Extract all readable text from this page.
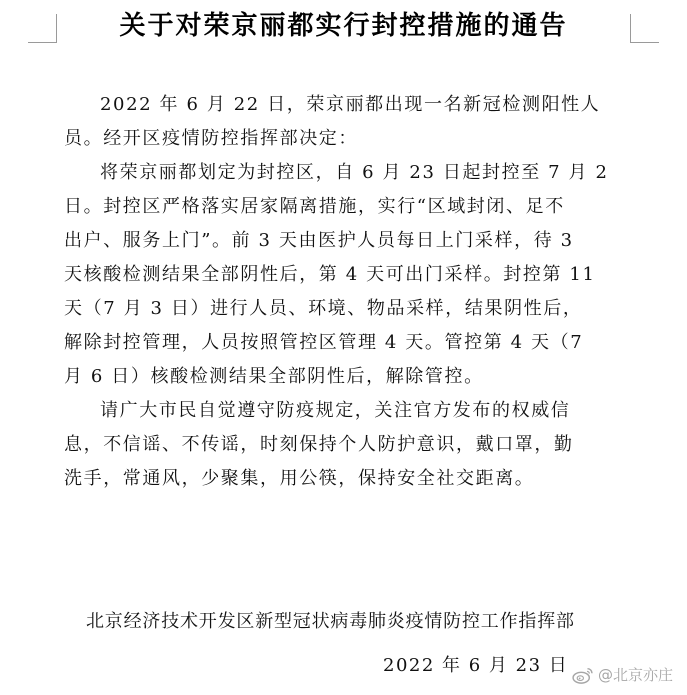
关于对荣京丽都实行封控措施的通告
2022 年 6 月 22 日，荣京丽都出现一名新冠检测阳性人
员。经开区疫情防控指挥部决定：
将荣京丽都划定为封控区，自 6 月 23 日起封控至 7 月 2
日。封控区严格落实居家隔离措施，实行“区域封闭、足不
出户、服务上门”。前 3 天由医护人员每日上门采样，待 3
天核酸检测结果全部阴性后，第 4 天可出门采样。封控第 11
天（7 月 3 日）进行人员、环境、物品采样，结果阴性后，
解除封控管理，人员按照管控区管理 4 天。管控第 4 天（7
月 6 日）核酸检测结果全部阴性后，解除管控。
请广大市民自觉遵守防疫规定，关注官方发布的权威信
息，不信谣、不传谣，时刻保持个人防护意识，戴口罩，勤
洗手，常通风，少聚集，用公筷，保持安全社交距离。
北京经济技术开发区新型冠状病毒肺炎疫情防控工作指挥部
2022 年 6 月 23 日 @北京亦庄
